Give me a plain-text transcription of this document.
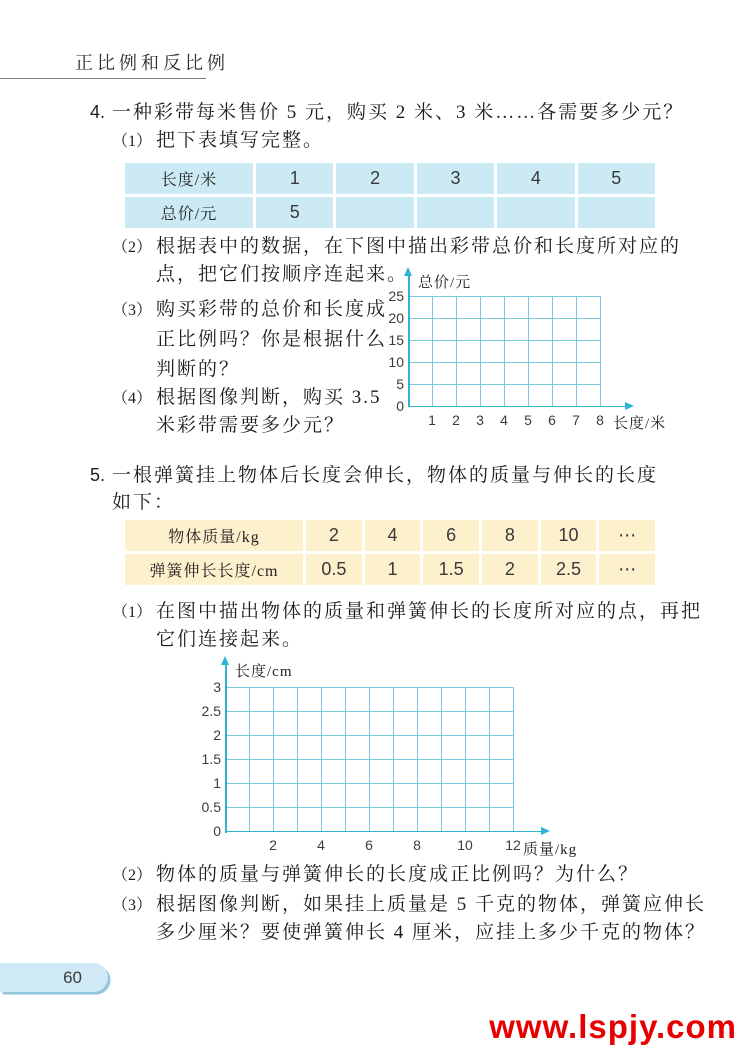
正比例和反比例
4. 一种彩带每米售价 5 元，购买 2 米、3 米……各需要多少元？
（1） 把下表填写完整。
长度/米	1	2	3	4	5
总价/元	5
（2） 根据表中的数据，在下图中描出彩带总价和长度所对应的
点，把它们按顺序连起来。
（3） 购买彩带的总价和长度成
正比例吗？你是根据什么
判断的？
（4） 根据图像判断，购买 3.5
米彩带需要多少元？
总价/元
25
20
15
10
5
0
1 2 3 4 5 6 7 8 长度/米
5. 一根弹簧挂上物体后长度会伸长，物体的质量与伸长的长度
如下：
物体质量/kg	2	4	6	8	10	⋯
弹簧伸长长度/cm	0.5	1	1.5	2	2.5	⋯
（1） 在图中描出物体的质量和弹簧伸长的长度所对应的点，再把
它们连接起来。
长度/cm
3
2.5
2
1.5
1
0.5
0
2	4	6	8	10	12 质量/kg
（2） 物体的质量与弹簧伸长的长度成正比例吗？为什么？
（3） 根据图像判断，如果挂上质量是 5 千克的物体，弹簧应伸长
多少厘米？要使弹簧伸长 4 厘米，应挂上多少千克的物体？
60
www.lspjy.com
